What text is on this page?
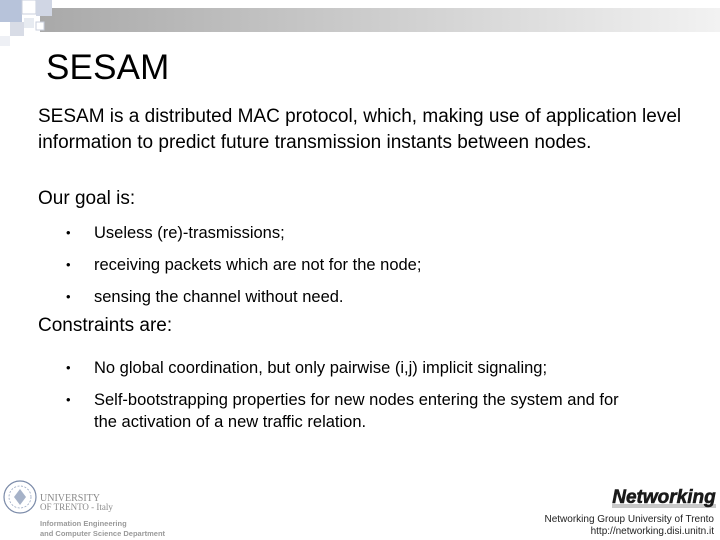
SESAM
SESAM is a distributed MAC protocol, which, making use of application level information to predict future transmission instants between nodes.
Our goal is:
• Useless (re)-trasmissions;
• receiving packets which are not for the node;
• sensing the channel without need.
Constraints are:
• No global coordination, but only pairwise (i,j) implicit signaling;
• Self-bootstrapping properties for new nodes entering the system and for the activation of a new traffic relation.
UNIVERSITY
OF TRENTO - Italy
Information Engineering
and Computer Science Department
Networking
Networking Group University of Trento
http://networking.disi.unitn.it
